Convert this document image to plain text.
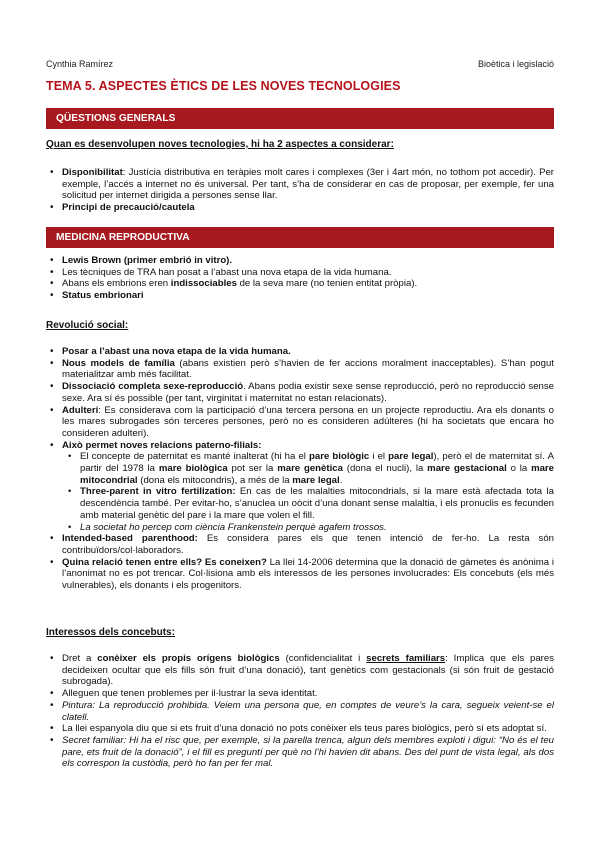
Cynthia Ramírez	Bioètica i legislació
TEMA 5. ASPECTES ÈTICS DE LES NOVES TECNOLOGIES
QÜESTIONS GENERALS
Quan es desenvolupen noves tecnologies, hi ha 2 aspectes a considerar:
• Disponibilitat: Justícia distributiva en teràpies molt cares i complexes (3er i 4art món, no tothom pot accedir). Per exemple, l’accés a internet no és universal. Per tant, s’ha de considerar en cas de proposar, per exemple, fer una solicitud per internet dirigida a persones sense llar.
• Principi de precaució/cautela
MEDICINA REPRODUCTIVA
• Lewis Brown (primer embrió in vitro).
• Les tècniques de TRA han posat a l’abast una nova etapa de la vida humana.
• Abans els embrions eren indissociables de la seva mare (no tenien entitat pròpia).
• Status embrionari
Revolució social:
• Posar a l’abast una nova etapa de la vida humana.
• Nous models de família (abans existien però s’havien de fer accions moralment inacceptables). S’han pogut materialitzar amb més facilitat.
• Dissociació completa sexe-reproducció. Abans podia existir sexe sense reproducció, però no reproducció sense sexe. Ara sí és possible (per tant, virginitat i maternitat no estan relacionats).
• Adulteri: Es considerava com la participació d’una tercera persona en un projecte reproductiu. Ara els donants o les mares subrogades són terceres persones, però no es consideren adúlteres (hi ha societats que encara ho consideren adulteri).
• Això permet noves relacions paterno-filials:
• El concepte de paternitat es manté inalterat (hi ha el pare biològic i el pare legal), però el de maternitat sí. A partir del 1978 la mare biològica pot ser la mare genètica (dona el nucli), la mare gestacional o la mare mitocondrial (dona els mitocondris), a més de la mare legal.
• Three-parent in vitro fertilization: En cas de les malalties mitocondrials, si la mare està afectada tota la descendència també. Per evitar-ho, s’anuclea un oòcit d’una donant sense malaltia, i els pronuclis es fecunden amb material genètic del pare i la mare que volen el fill.
• La societat ho percep com ciència Frankenstein perquè agafem trossos.
• Intended-based parenthood: Es considera pares els que tenen intenció de fer-ho. La resta són contribuïdors/col·laboradors.
• Quina relació tenen entre ells? Es coneixen? La llei 14-2006 determina que la donació de gàmetes és anònima i l’anonimat no es pot trencar. Col·lisiona amb els interessos de les persones involucrades: Els concebuts (els més vulnerables), els donants i els progenitors.
Interessos dels concebuts:
• Dret a conèixer els propis orígens biològics (confidencialitat i secrets familiars: Implica que els pares decideixen ocultar que els fills són fruit d’una donació), tant genètics com gestacionals (si són fruit de gestació subrogada).
• Alleguen que tenen problemes per il·lustrar la seva identitat.
• Pintura: La reproducció prohibida. Veiem una persona que, en comptes de veure’s la cara, segueix veient-se el clatell.
• La llei espanyola diu que si ets fruit d’una donació no pots conèixer els teus pares biològics, però sí ets adoptat sí.
• Secret familiar: Hi ha el risc que, per exemple, si la parella trenca, algun dels membres exploti i digui: “No és el teu pare, ets fruit de la donació”, i el fill es preguntí per què no l’hi havien dit abans. Des del punt de vista legal, als dos els correspon la custòdia, però ho fan per fer mal.
